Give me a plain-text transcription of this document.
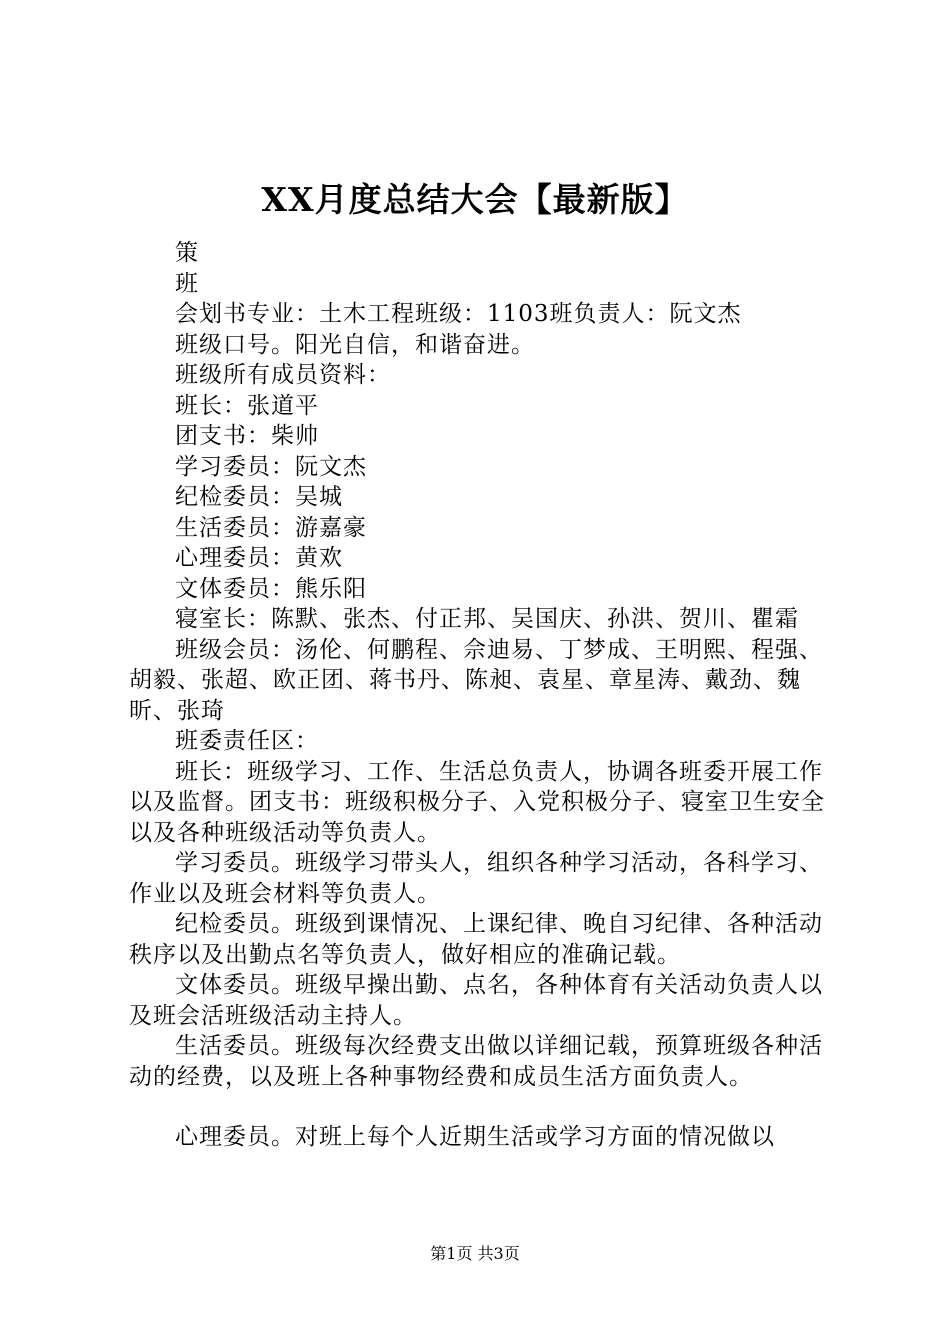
XX月度总结大会【最新版】

策

班

会划书专业：土木工程班级：1103班负责人：阮文杰

班级口号。阳光自信，和谐奋进。

班级所有成员资料：

班长：张道平

团支书：柴帅

学习委员：阮文杰

纪检委员：吴城

生活委员：游嘉豪

心理委员：黄欢

文体委员：熊乐阳

寝室长：陈默、张杰、付正邦、吴国庆、孙洪、贺川、瞿霜

班级会员：汤伦、何鹏程、佘迪易、丁梦成、王明熙、程强、胡毅、张超、欧正团、蒋书丹、陈昶、袁星、章星涛、戴劲、魏昕、张琦

班委责任区：

班长：班级学习、工作、生活总负责人，协调各班委开展工作以及监督。团支书：班级积极分子、入党积极分子、寝室卫生安全以及各种班级活动等负责人。

学习委员。班级学习带头人，组织各种学习活动，各科学习、作业以及班会材料等负责人。

纪检委员。班级到课情况、上课纪律、晚自习纪律、各种活动秩序以及出勤点名等负责人，做好相应的准确记载。

文体委员。班级早操出勤、点名，各种体育有关活动负责人以及班会活班级活动主持人。

生活委员。班级每次经费支出做以详细记载，预算班级各种活动的经费，以及班上各种事物经费和成员生活方面负责人。

心理委员。对班上每个人近期生活或学习方面的情况做以

第1页 共3页
